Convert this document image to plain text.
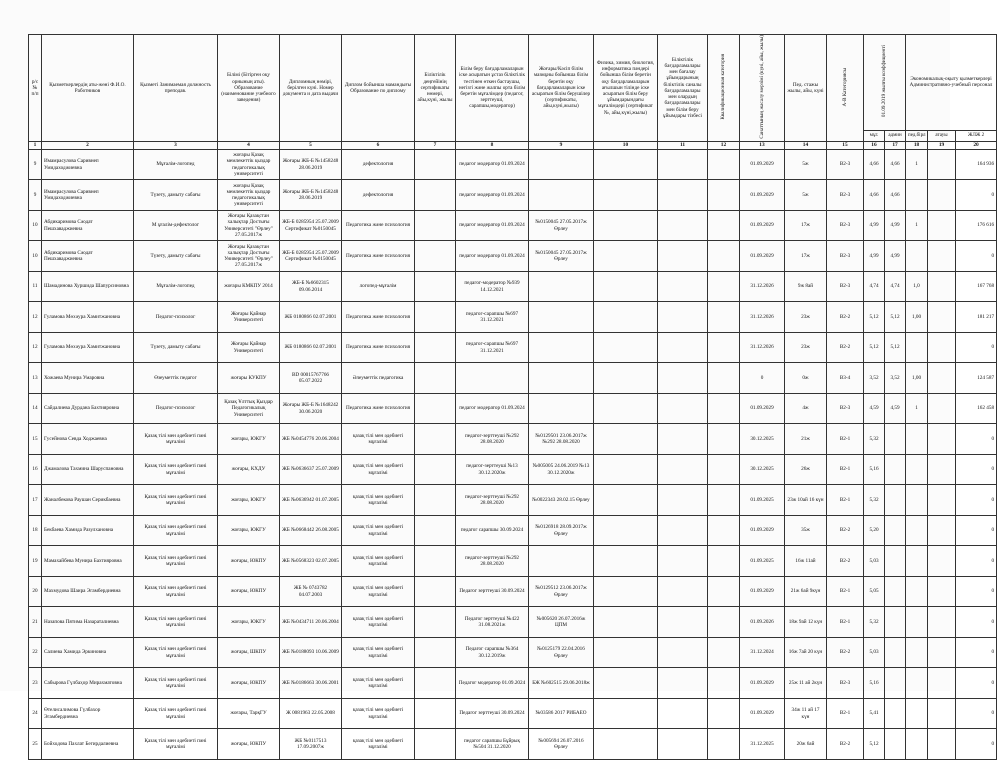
р/с № п/п	Қызметкерлердің аты-жөні Ф.И.О. Работников	Қызметі Занимаемая должность преподав.	Білімі (Бітірген оқу орнының аты). Образование (наименование учебного заведения)	Дипломның нөмірі, берілген күні. Номер документа и дата выдачи	Диплом бойынша мамандығы Образование по диплому	Біліктілік деңгейінің сертификаты нөмері, айы,күні, жылы	Білім беру бағдарламаларын іске асыратын ұстаз біліктілік тестінен өткен бастаушы, негізгі және жалпы орта білім беретін мұғалімдер (педагог, зерттеуші, сарапшы,модератор)	Жоғары/Кәсіп білім мазмұны бойынша білім беретін оқу бағдарламаларын іске асыратын білім берушілер (сертификаты, айы,күні,жылы)	Физика, химия, биология, информатика пәндері бойынша білім беретін оқу бағдарламаларын ағылшын тілінде іске асыратын білім беру ұйымдарындағы мұғалімдері (сертификат №, айы,күні,жылы)	Біліктілік бағдарламалары мен бағалау ұйымдарының біліктілік саналы бағдарламалары мен олардың бағдарламалары мен білім беру ұйымдары тізбесі	Квалификационная категория	Санаттының жасалу мерзімі (күні, айы, жылы)	Пед. стажы жылы, айы, күні	А-В Категориясы	01.09.2019 жылғы коэффициенті		Экономикалық-оқыту қызметкерлері Административно-учебный персонал		
															мұг.	админ	пед.бірл	атауы	ЖЛЖ 2
1	2	3	4	5	6	7	8	9	10	11	12	13	14	15	16	17	18	19	20
9	Имамрасулова Саривнеп Умидаходжиевна	Мұғалім-логопед	жоғары Қазақ мемлекеттік қыздар педагогикалық университеті	Жоғары ЖБ-Б №1458248 28.06.2019	дефектология		педагог модератор 01.09.2024					01.09.2029	5ж	В2-3	4,66	4,66	1		164 936
9	Имамрасулова Саривнеп Умидаходжиевна	Түзету, дамыту сабағы	жоғары Қазақ мемлекеттік қыздар педагогикалық университеті	Жоғары ЖБ-Б №1458248 28.06.2019	дефектология		педагог модератор 01.09.2024					01.09.2029	5ж	В2-3	4,66	4,66			0
10	Абдикаримова Сәодат Пешхаваджиевна	М ұғалім-дефектолог	Жоғары Қазақстан халықтар Достығы Университеті "Өрлеу" 27.05.2017ж	ЖБ-Б 0285954 25.07.2009 Сертификат №0150045	Педагогика және психология		педагог модератор 01.09.2024	№0150045 27.05.2017ж Өрлеу				01.09.2029	17ж	В2-3	4,99	4,99	1		176 616
10	Абдикаримова Сәодат Пешхаваджиевна	Түзету, дамыту сабағы	Жоғары Қазақстан халықтар Достығы Университеті "Өрлеу" 27.05.2017ж	ЖБ-Б 0285954 25.07.2009 Сертификат №0150045	Педагогика және психология		педагог модератор 01.09.2024	№0150045 27.05.2017ж Өрлеу				01.09.2029	17ж	В2-3	4,99	4,99			0
11	Шамадинова Хуршида Шапурсиновна	Мұғалім-логопед	жоғары КМКПУ 2014	ЖБ-Б №6602315 09.06.2014	логопед-мұғалім		педагог-модератор №939 14.12.2021					31.12.2026	9ж 8ай	В2-3	4,74	4,74	1,0		167 768
12	Гуламова Мөхәура Хамитжановна	Педагог-психолог	Жоғары Қайнар Университеті	ЖБ 0180866 02.07.2001	Педагогика және психология		педагог-сарапшы №697 31.12.2021					31.12.2026	23ж	В2-2	5,12	5,12	1,00		181 217
12	Гуламова Мөхәура Хамитжановна	Түзету, дамыту сабағы	Жоғары Қайнар Университеті	ЖБ 0180866 02.07.2001	Педагогика және психология		педагог-сарапшы №697 31.12.2021					31.12.2026	23ж	В2-2	5,12	5,12			0
13	Хожаева Мунира Умаровна	Өзеуметтік педагог	жоғары КУКПУ	ВD 00015767766 05.07.2022	Әлеуметтік педагогика							0	0ж	В3-4	3,52	3,52	1,00		124 587
14	Сайдалиева Дурдана Бахтияровна	Педагог-психолог	Қазақ Ұлттық Қыздар Педагогикалық Университеті	Жоғары ЖБ-Б №1648242 30.06.2020	Педагогика және психология		педагог модератор 01.09.2024					01.09.2029	4ж	В2-3	4,59	4,59	1		162 458
15	Гусейнова Севда Ходжаевна	Қазақ тілі мен әдебиеті пәні мұғалімі	жоғары, ЮКГУ	ЖБ №0454776 20.06.2004	қазақ тілі мен әдебиеті мұғалімі		педагог-зерттеуші №292 28.08.2020	№0129501 23.06.2017ж №292 28.08.2020				30.12.2025	21ж	В2-1	5,32				0
16	Джамалова Тахмина Шаруспановна	Қазақ тілі мен әдебиеті пәні мұғалімі	жоғары, КХДУ	ЖБ №0636637 25.07.2009	қазақ тілі мен әдебиеті мұғалімі		педагог-зерттеуші №13 30.12.2020ж	№005005 24.06.2019 №13 30.12.2020ж				30.12.2025	26ж	В2-1	5,16				0
17	Жаналбекова Раушан Серикбаевна	Қазақ тілі мен әдебиеті пәні мұғалімі	жоғары, ЮКГУ	ЖБ №0636942 01.07.2005	қазақ тілі мен әдебиеті мұғалімі		педагог-зерттеуші №292 28.08.2020	№0022343 28.02.15 Өрлеу				01.09.2025	23ж 10ай 16 күн	В2-1	5,32				0
18	Бекбаева Хамида Разулхановна	Қазақ тілі мен әдебиеті пәні мұғалімі	жоғары, ЮКГУ	ЖБ №0668442 26.08.2005	қазақ тілі мен әдебиеті мұғалімі		педагог сарапшы 30.09.2024	№0126918 28.09.2017ж Өрлеу				01.09.2029	35ж	В2-2	5,20				0
19	Мамахайбева Мунира Бахтияровна	Қазақ тілі мен әдебиеті пәні мұғалімі	жоғары, ЮКПУ	ЖБ №0568323 02.07.2005	қазақ тілі мен әдебиеті мұғалімі		педагог-зерттеуші №292 28.08.2020					01.09.2025	16ж 11ай	В2-2	5,03				0
20	Махмудова Шаира Эгамбердиевна	Қазақ тілі мен әдебиеті пәні мұғалімі	жоғары, ЮКПУ	ЖБ № 0743782 04.07.2003	қазақ тілі мен әдебиеті мұғалімі		Педагог зерттеуші 30.09.2024	№0129512 23.06.2017ж Өрлеу				01.09.2029	21ж 6ай 9күн	В2-1	5,05				0
21	Назапова Пятима Назараталиевна	Қазақ тілі мен әдебиеті пәні мұғалімі	жоғары, ЮКГУ	ЖБ №0434711 20.06.2004	қазақ тілі мен әдебиеті мұғалімі		Педагог зерттеуші №422 31.08.2021ж	№005620 26.07.2016ж ЦПМ				01.09.2026	18ж 9ай 12 күн	В2-1	5,32				0
22	Салиева Хамида Эркиновна	Қазақ тілі мен әдебиеті пәні мұғалімі	жоғары, ШКПУ	ЖБ №0188093 10.06.2009	қазақ тілі мен әдебиеті мұғалімі		Педагог сарапшы №364 30.12.2019ж	№0125179 22.04.2016 Өрлеу				31.12.2024	16ж 7ай 20 күн	В2-2	5,03				0
23	Сабырова Гүлбаҳор Мирахматовна	Қазақ тілі мен әдебиеті пәні мұғалімі	жоғары, ЮКПУ	ЖБ №0186663 30.06.2001	қазақ тілі мен әдебиеті мұғалімі		Педагог модератор 01.09.2024	БЖ №602515 29.06.2018ж				01.09.2029	25ж 11 ай 2күн	В2-3	5,16				0
24	Өтелисалимова Гүлбахор Эгамбердиевна	Қазақ тілі мен әдебиеті пәні мұғалімі	жоғары, ТарқГУ	Ж 0081963 22.05.2008	қазақ тілі мен әдебиеті мұғалімі		Педагог зерттеуші 30.09.2024	№03586 2017 РИБАЕО				01.09.2029	34ж 11 ай 17 күн	В2-1	5,41				0
25	Бойходова Пахлат Бегирдалиевна	Қазақ тілі мен әдебиеті пәні мұғалімі	жоғары, ЮКПУ	ЖБ №0117513 17.09.2007ж	қазақ тілі мен әдебиеті мұғалімі		педагог сарапшы Бұйрық №504 31.12.2020	№005694 26.07.2016 Өрлеу				31.12.2025	20ж 6ай	В2-2	5,12				0
